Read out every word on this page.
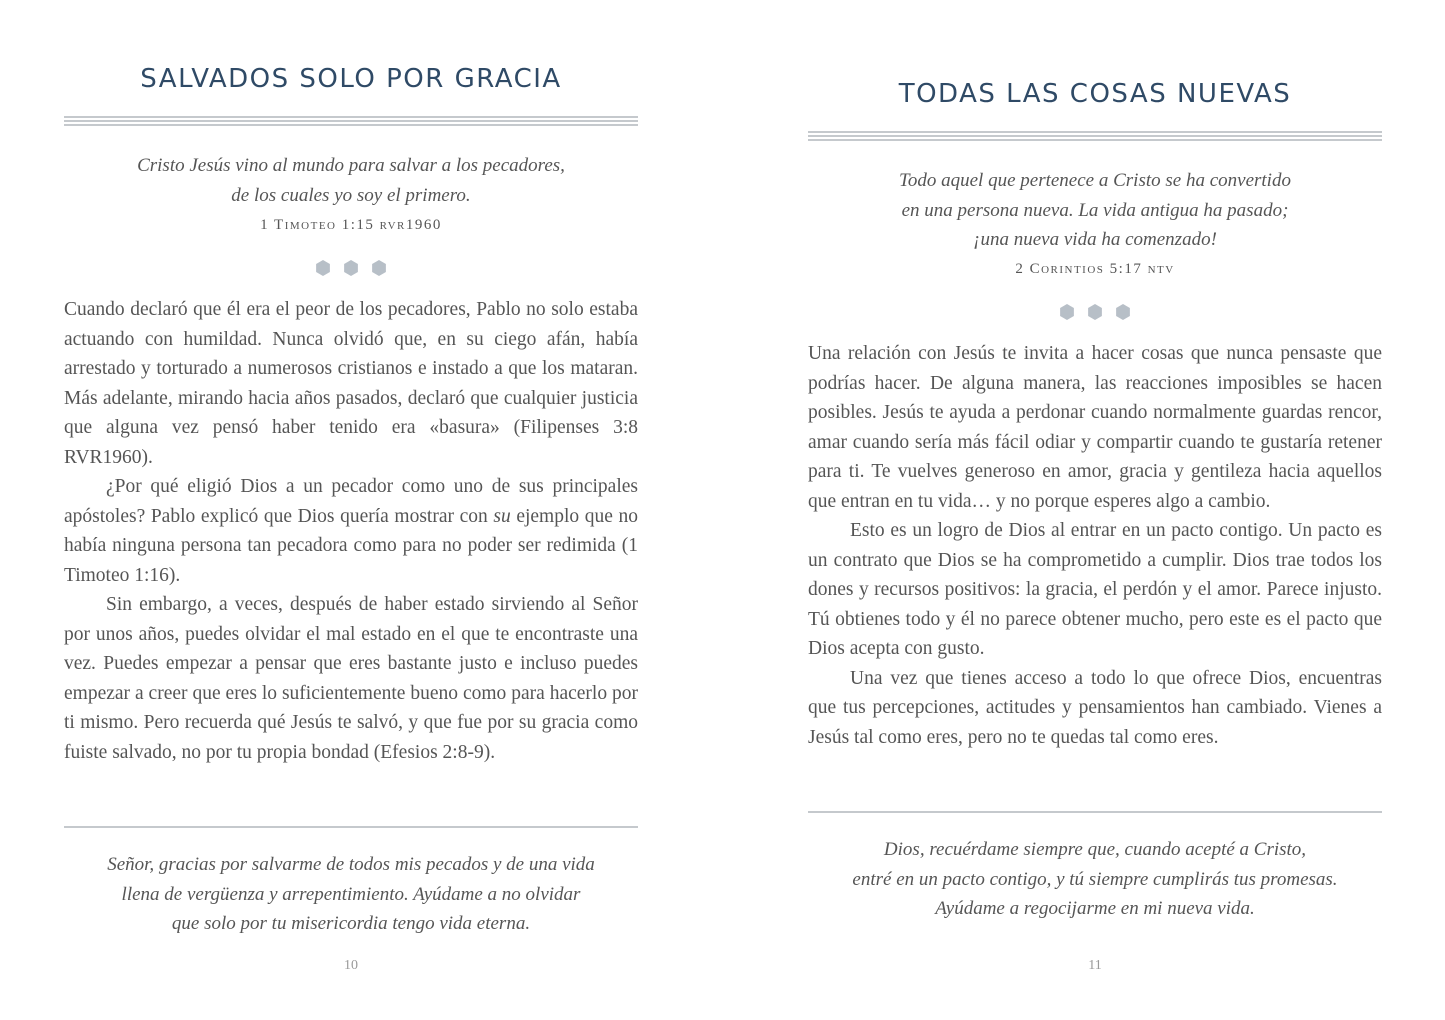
SALVADOS SOLO POR GRACIA
Cristo Jesús vino al mundo para salvar a los pecadores,
de los cuales yo soy el primero.
1 Timoteo 1:15 rvr1960

Cuando declaró que él era el peor de los pecadores, Pablo no solo estaba actuando con humildad. Nunca olvidó que, en su ciego afán, había arrestado y torturado a numerosos cristianos e instado a que los mataran. Más adelante, mirando hacia años pasados, declaró que cualquier justicia que alguna vez pensó haber tenido era «basura» (Filipenses 3:8 RVR1960).

¿Por qué eligió Dios a un pecador como uno de sus principales apóstoles? Pablo explicó que Dios quería mostrar con su ejemplo que no había ninguna persona tan pecadora como para no poder ser redimida (1 Timoteo 1:16).

Sin embargo, a veces, después de haber estado sirviendo al Señor por unos años, puedes olvidar el mal estado en el que te encontraste una vez. Puedes empezar a pensar que eres bastante justo e incluso puedes empezar a creer que eres lo suficientemente bueno como para hacerlo por ti mismo. Pero recuerda qué Jesús te salvó, y que fue por su gracia como fuiste salvado, no por tu propia bondad (Efesios 2:8-9).

Señor, gracias por salvarme de todos mis pecados y de una vida
llena de vergüenza y arrepentimiento. Ayúdame a no olvidar
que solo por tu misericordia tengo vida eterna.
10
TODAS LAS COSAS NUEVAS
Todo aquel que pertenece a Cristo se ha convertido
en una persona nueva. La vida antigua ha pasado;
¡una nueva vida ha comenzado!
2 Corintios 5:17 ntv

Una relación con Jesús te invita a hacer cosas que nunca pensaste que podrías hacer. De alguna manera, las reacciones imposibles se hacen posibles. Jesús te ayuda a perdonar cuando normalmente guardas rencor, amar cuando sería más fácil odiar y compartir cuando te gustaría retener para ti. Te vuelves generoso en amor, gracia y gentileza hacia aquellos que entran en tu vida… y no porque esperes algo a cambio.

Esto es un logro de Dios al entrar en un pacto contigo. Un pacto es un contrato que Dios se ha comprometido a cumplir. Dios trae todos los dones y recursos positivos: la gracia, el perdón y el amor. Parece injusto. Tú obtienes todo y él no parece obtener mucho, pero este es el pacto que Dios acepta con gusto.

Una vez que tienes acceso a todo lo que ofrece Dios, encuentras que tus percepciones, actitudes y pensamientos han cambiado. Vienes a Jesús tal como eres, pero no te quedas tal como eres.

Dios, recuérdame siempre que, cuando acepté a Cristo,
entré en un pacto contigo, y tú siempre cumplirás tus promesas.
Ayúdame a regocijarme en mi nueva vida.
11
